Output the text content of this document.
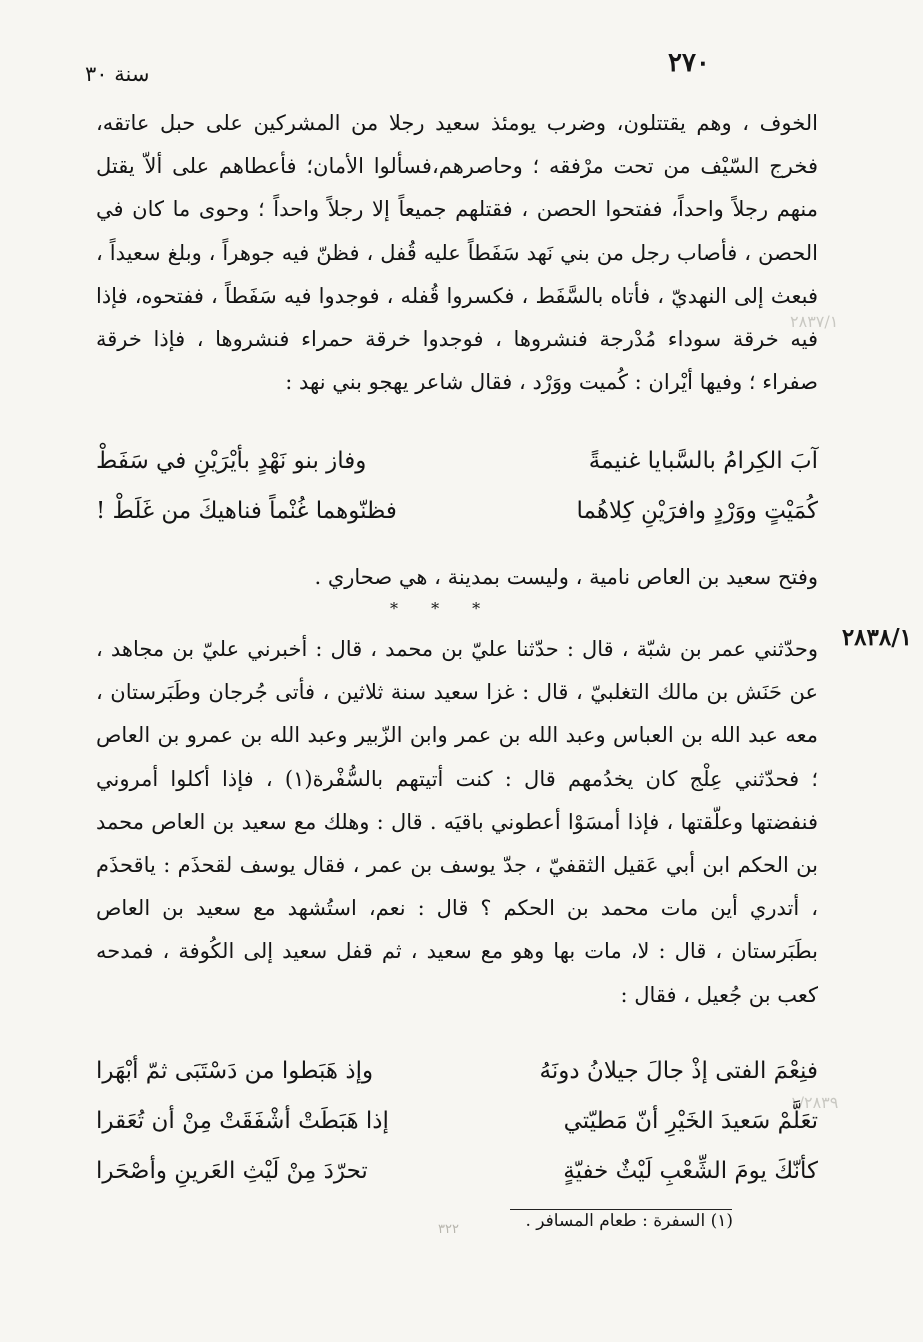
٢٧٠
سنة ٣٠
٢٨٣٧/١

الخوف ، وهم يقتتلون، وضرب يومئذ سعيد رجلا من المشركين على حبل عاتقه، فخرج السّيْف من تحت مرْفقه ؛ وحاصرهم،فسألوا الأمان؛ فأعطاهم على ألاّ يقتل منهم رجلاً واحداً، ففتحوا الحصن ، فقتلهم جميعاً إلا رجلاً واحداً ؛ وحوى ما كان في الحصن ، فأصاب رجل من بني نَهد سَفَطاً عليه قُفل ، فظنّ فيه جوهراً ، وبلغ سعيداً ، فبعث إلى النهديّ ، فأتاه بالسَّفَط ، فكسروا قُفله ، فوجدوا فيه سَفَطاً ، ففتحوه، فإذا فيه خرقة سوداء مُدْرجة فنشروها ، فوجدوا خرقة حمراء فنشروها ، فإذا خرقة صفراء ؛ وفيها أيْران : كُميت ووَرْد ، فقال شاعر يهجو بني نهد :

آبَ الكِرامُ بالسَّبايا غنيمةً
وفاز بنو نَهْدٍ بأيْرَيْنِ في سَفَطْ
كُمَيْتٍ ووَرْدٍ وافرَيْنِ كِلاهُما
فظنّوهما غُنْماً فناهيكَ من غَلَطْ !

وفتح سعيد بن العاص نامية ، وليست بمدينة ، هي صحاري .

* * *
٢٨٣٨/١

وحدّثني عمر بن شبّة ، قال : حدّثنا عليّ بن محمد ، قال : أخبرني عليّ بن مجاهد ، عن حَنَش بن مالك التغلبيّ ، قال : غزا سعيد سنة ثلاثين ، فأتى جُرجان وطَبَرستان ، معه عبد الله بن العباس وعبد الله بن عمر وابن الزّبير وعبد الله بن عمرو بن العاص ؛ فحدّثني عِلْج كان يخدُمهم قال : كنت أتيتهم بالسُّفْرة(١) ، فإذا أكلوا أمروني فنفضتها وعلّقتها ، فإذا أمسَوْا أعطوني باقيَه . قال : وهلك مع سعيد بن العاص محمد بن الحكم ابن أبي عَقيل الثقفيّ ، جدّ يوسف بن عمر ، فقال يوسف لقحذَم : ياقحذَم ، أتدري أين مات محمد بن الحكم ؟ قال : نعم، استُشهد مع سعيد بن العاص بطَبَرستان ، قال : لا، مات بها وهو مع سعيد ، ثم قفل سعيد إلى الكُوفة ، فمدحه كعب بن جُعيل ، فقال :

١/٢٨٣٩
فنِعْمَ الفتى إذْ جالَ جيلانُ دونَهُ
وإذ هَبَطوا من دَسْتَبَى ثمّ أبْهَرا
تعَلَّمْ سَعيدَ الخَيْرِ أنّ مَطيّتي
إذا هَبَطَتْ أشْفَقَتْ مِنْ أن تُعَقرا
كأنّكَ يومَ الشِّعْبِ لَيْثٌ خفيّةٍ
تحرّدَ مِنْ لَيْثِ العَرينِ وأصْحَرا
(١) السفرة : طعام المسافر .
٣٢٢
